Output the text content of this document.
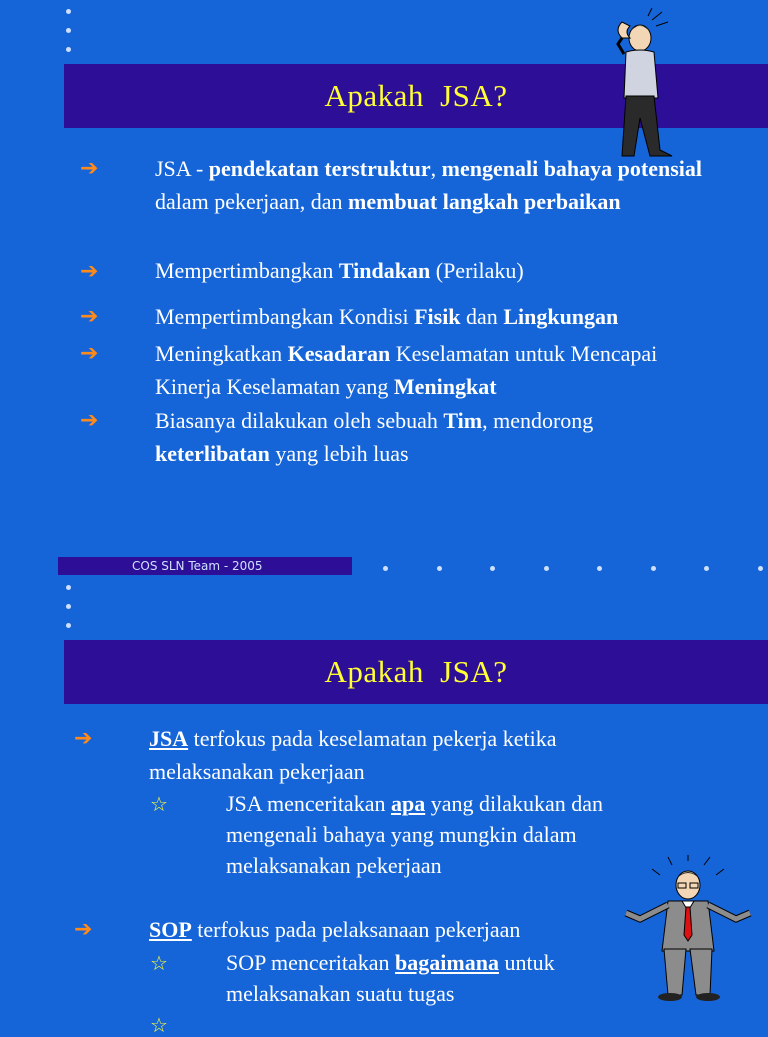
Apakah JSA?
➔	JSA - pendekatan terstruktur, mengenali bahaya potensial dalam pekerjaan, dan membuat langkah perbaikan
➔	Mempertimbangkan Tindakan (Perilaku)
➔	Mempertimbangkan Kondisi Fisik dan Lingkungan
➔	Meningkatkan Kesadaran Keselamatan untuk Mencapai Kinerja Keselamatan yang Meningkat
➔	Biasanya dilakukan oleh sebuah Tim, mendorong keterlibatan yang lebih luas
COS SLN Team - 2005
Apakah JSA?
➔	JSA terfokus pada keselamatan pekerja ketika melaksanakan pekerjaan
☆	JSA menceritakan apa yang dilakukan dan mengenali bahaya yang mungkin dalam melaksanakan pekerjaan
➔	SOP terfokus pada pelaksanaan pekerjaan
☆	SOP menceritakan bagaimana untuk melaksanakan suatu tugas
☆
